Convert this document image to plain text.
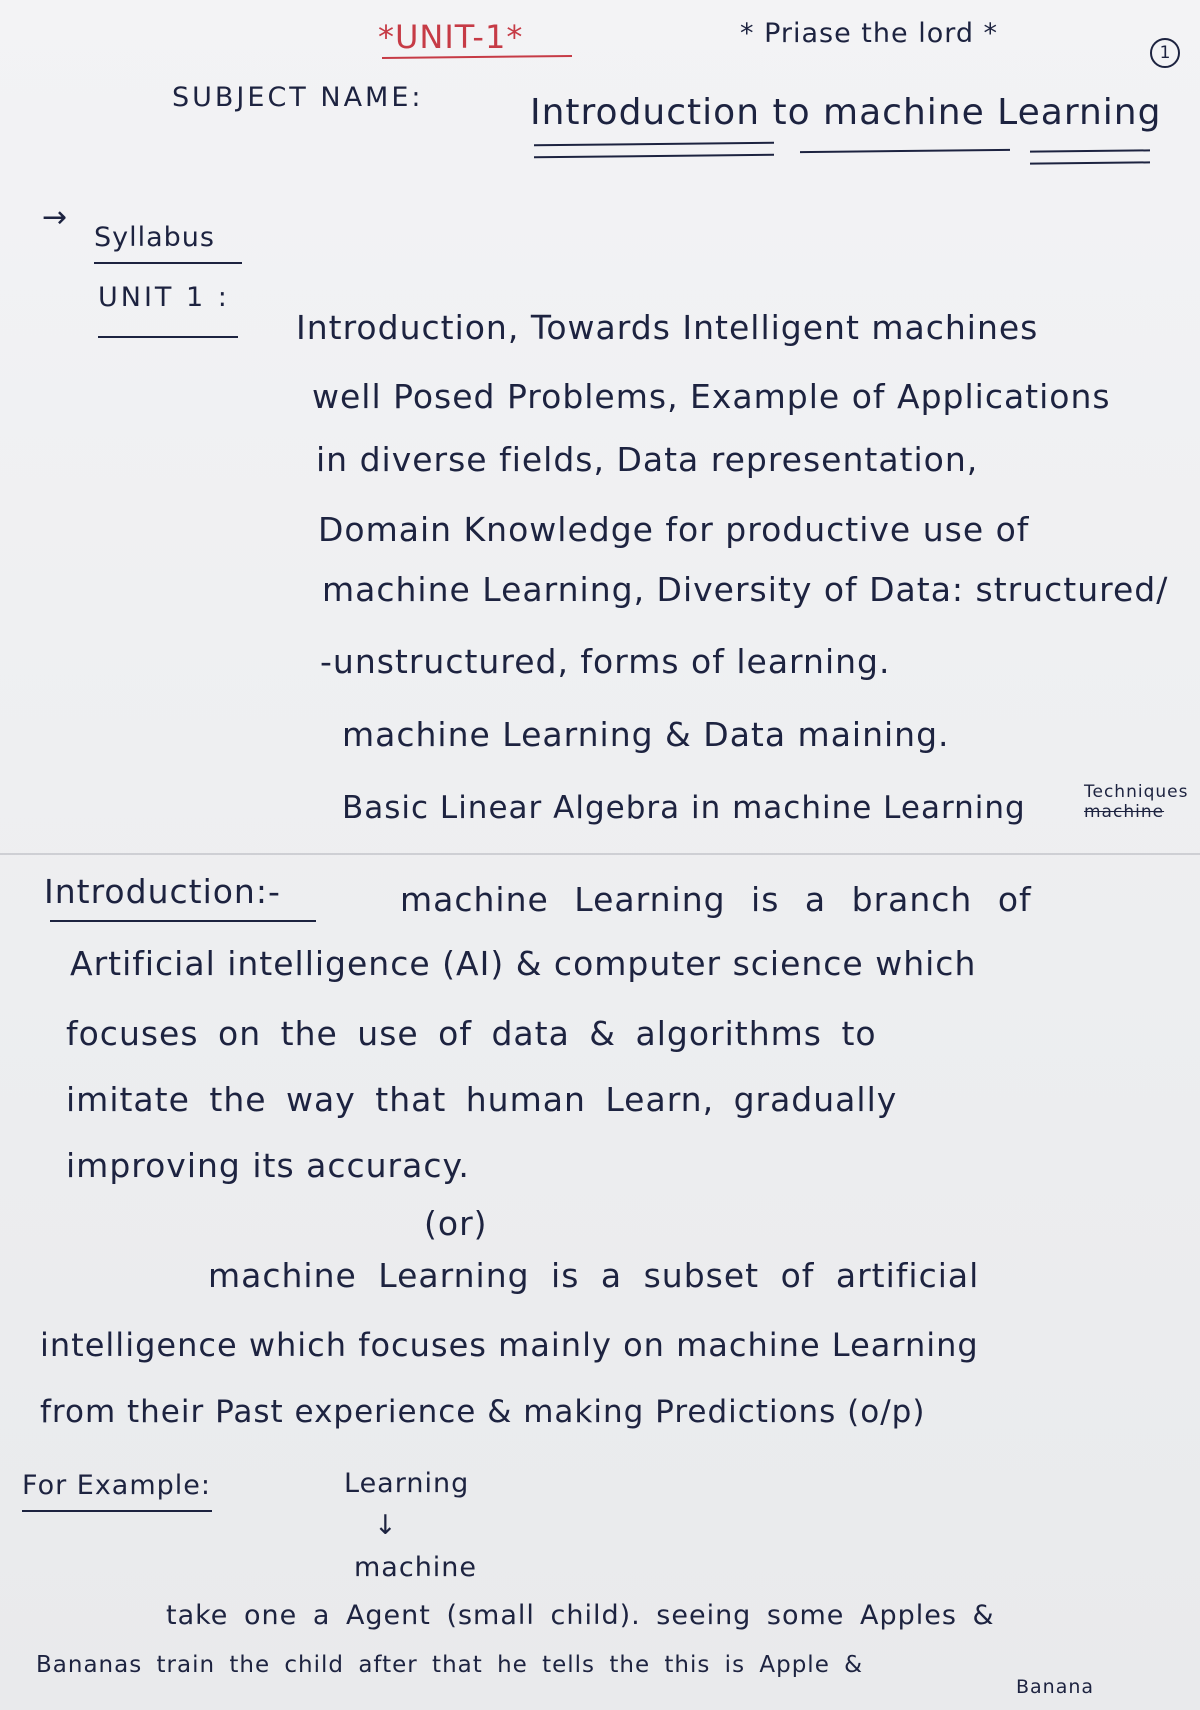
*UNIT-1*	* Priase the lord *
1
SUBJECT NAME:	Introduction to machine Learning
→
Syllabus
UNIT 1 :
Introduction, Towards Intelligent machines
well Posed Problems, Example of Applications
in diverse fields, Data representation,
Domain Knowledge for productive use of
machine Learning, Diversity of Data: structured/
-unstructured, forms of learning.
machine Learning & Data maining.
Basic Linear Algebra in machine Learning	Techniques
machine
Introduction:-	machine Learning is a branch of
Artificial intelligence (AI) & computer science which
focuses on the use of data & algorithms to
imitate the way that human Learn, gradually
improving its accuracy.
(or)
machine Learning is a subset of artificial
intelligence which focuses mainly on machine Learning
from their Past experience & making Predictions (o/p)
For Example:	Learning
↓
machine
take one a Agent (small child). seeing some Apples &
Bananas train the child after that he tells the this is Apple &
Banana
